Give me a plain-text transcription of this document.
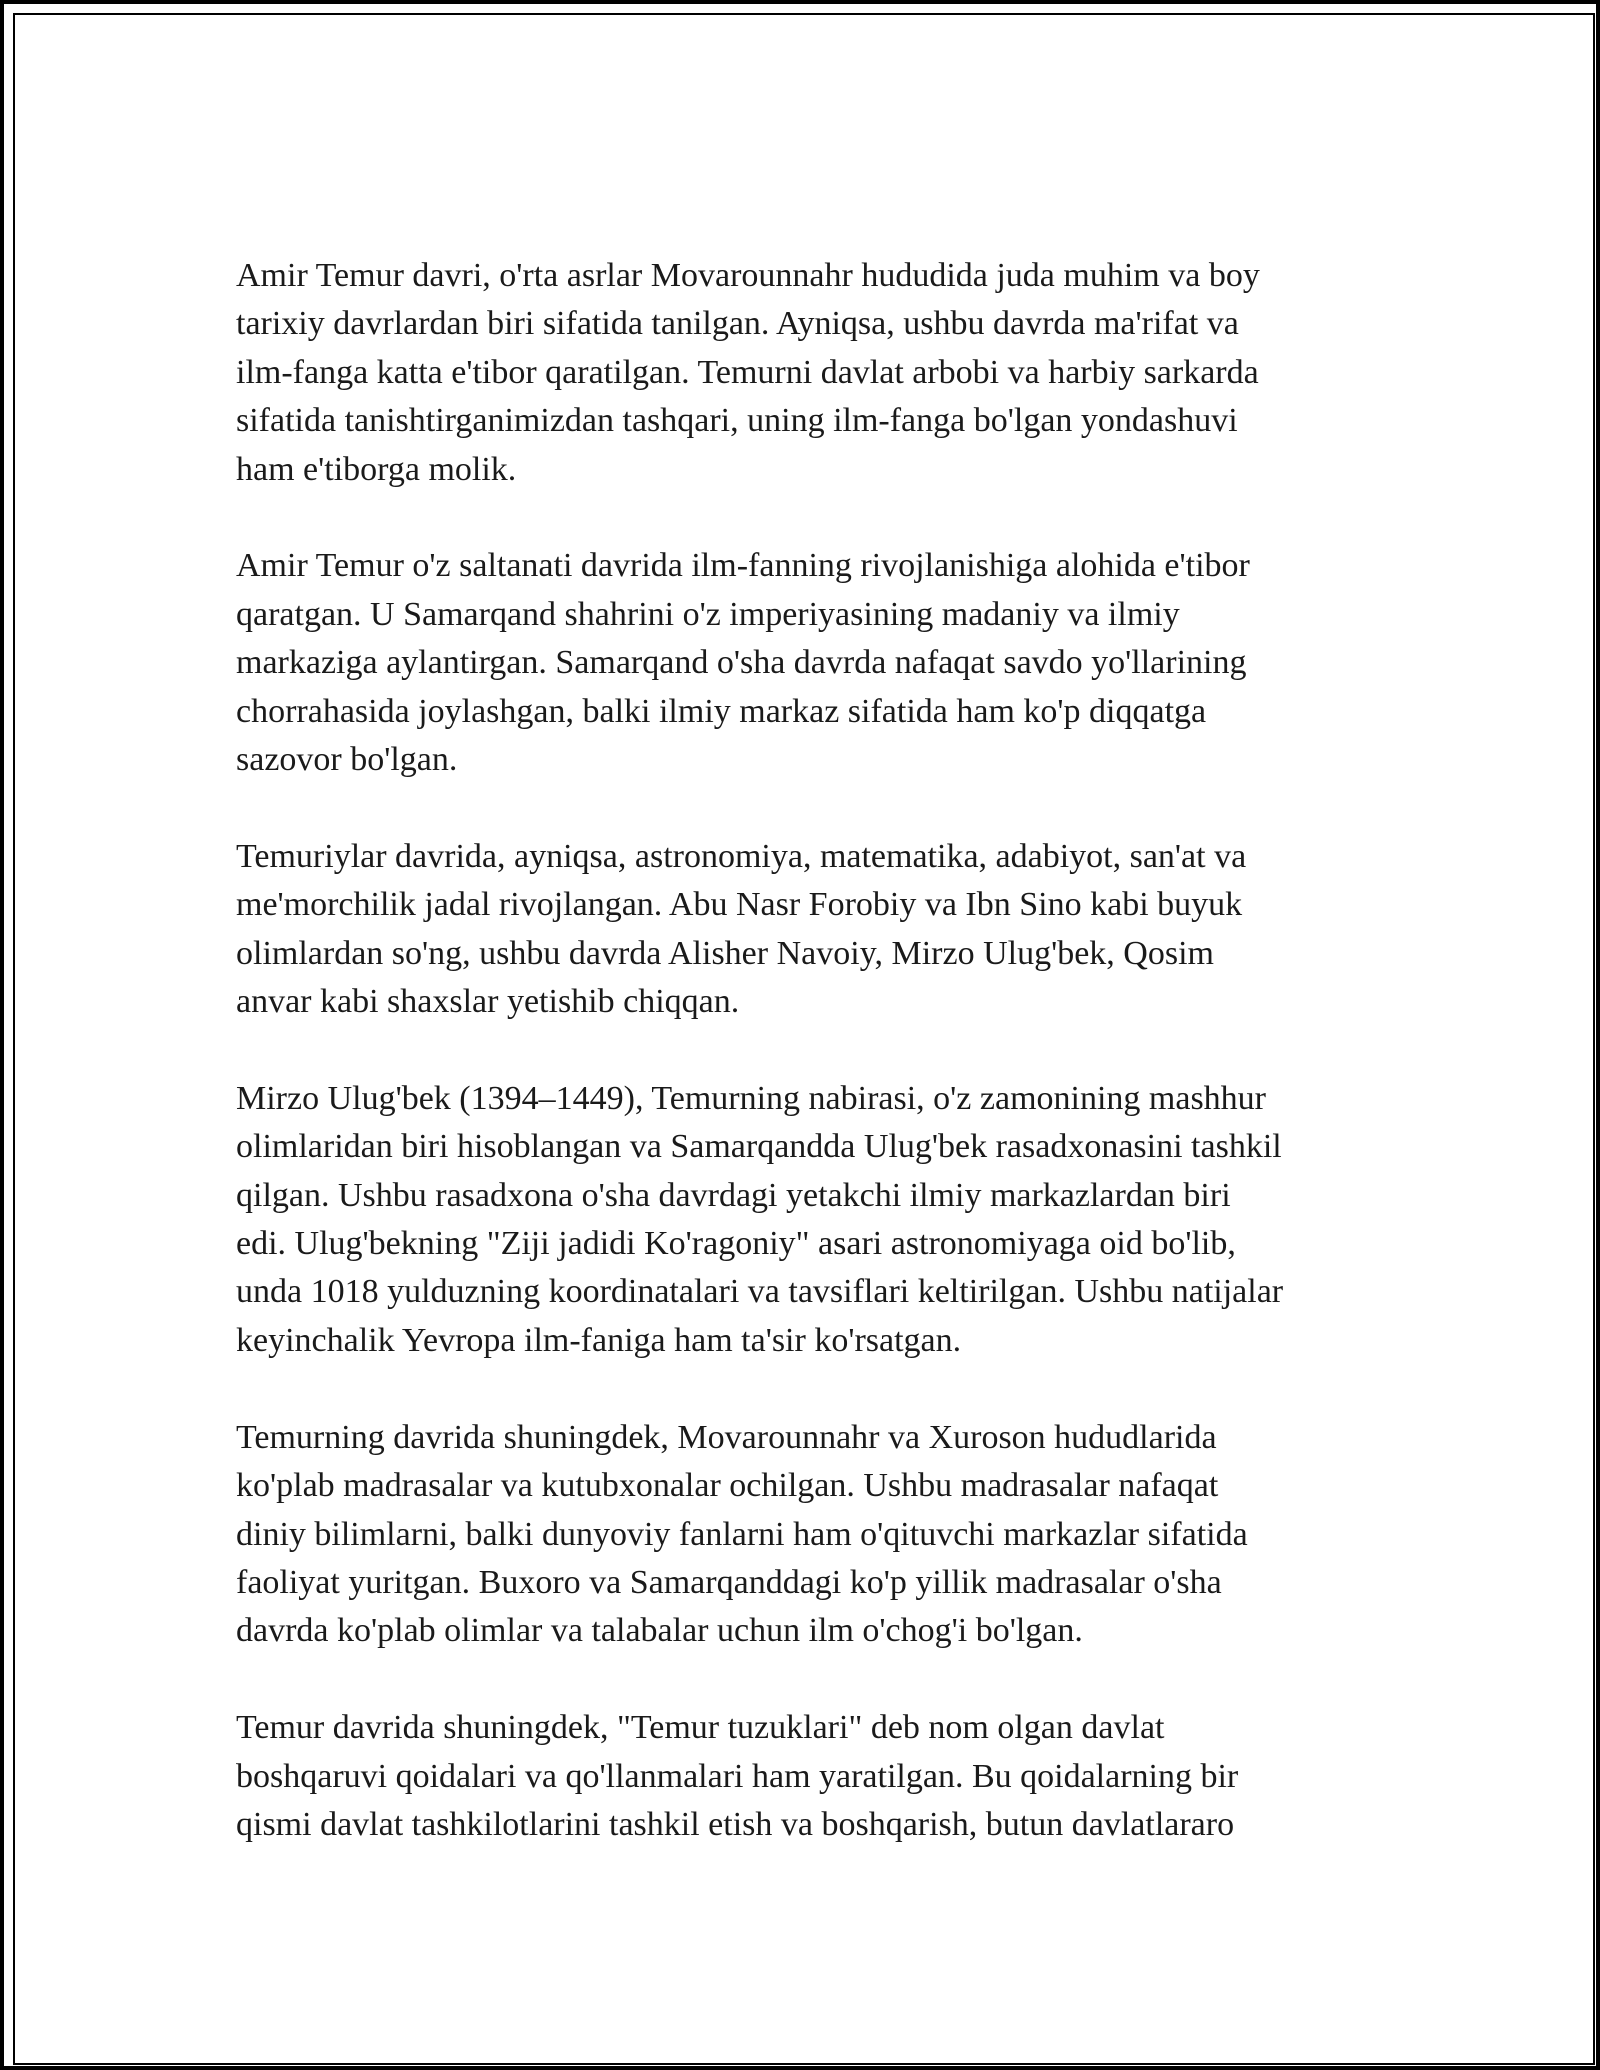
Amir Temur davri, o'rta asrlar Movarounnahr hududida juda muhim va boy
tarixiy davrlardan biri sifatida tanilgan. Ayniqsa, ushbu davrda ma'rifat va
ilm-fanga katta e'tibor qaratilgan. Temurni davlat arbobi va harbiy sarkarda
sifatida tanishtirganimizdan tashqari, uning ilm-fanga bo'lgan yondashuvi
ham e'tiborga molik.

Amir Temur o'z saltanati davrida ilm-fanning rivojlanishiga alohida e'tibor
qaratgan. U Samarqand shahrini o'z imperiyasining madaniy va ilmiy
markaziga aylantirgan. Samarqand o'sha davrda nafaqat savdo yo'llarining
chorrahasida joylashgan, balki ilmiy markaz sifatida ham ko'p diqqatga
sazovor bo'lgan.

Temuriylar davrida, ayniqsa, astronomiya, matematika, adabiyot, san'at va
me'morchilik jadal rivojlangan. Abu Nasr Forobiy va Ibn Sino kabi buyuk
olimlardan so'ng, ushbu davrda Alisher Navoiy, Mirzo Ulug'bek, Qosim
anvar kabi shaxslar yetishib chiqqan.

Mirzo Ulug'bek (1394–1449), Temurning nabirasi, o'z zamonining mashhur
olimlaridan biri hisoblangan va Samarqandda Ulug'bek rasadxonasini tashkil
qilgan. Ushbu rasadxona o'sha davrdagi yetakchi ilmiy markazlardan biri
edi. Ulug'bekning "Ziji jadidi Ko'ragoniy" asari astronomiyaga oid bo'lib,
unda 1018 yulduzning koordinatalari va tavsiflari keltirilgan. Ushbu natijalar
keyinchalik Yevropa ilm-faniga ham ta'sir ko'rsatgan.

Temurning davrida shuningdek, Movarounnahr va Xuroson hududlarida
ko'plab madrasalar va kutubxonalar ochilgan. Ushbu madrasalar nafaqat
diniy bilimlarni, balki dunyoviy fanlarni ham o'qituvchi markazlar sifatida
faoliyat yuritgan. Buxoro va Samarqanddagi ko'p yillik madrasalar o'sha
davrda ko'plab olimlar va talabalar uchun ilm o'chog'i bo'lgan.

Temur davrida shuningdek, "Temur tuzuklari" deb nom olgan davlat
boshqaruvi qoidalari va qo'llanmalari ham yaratilgan. Bu qoidalarning bir
qismi davlat tashkilotlarini tashkil etish va boshqarish, butun davlatlararo
